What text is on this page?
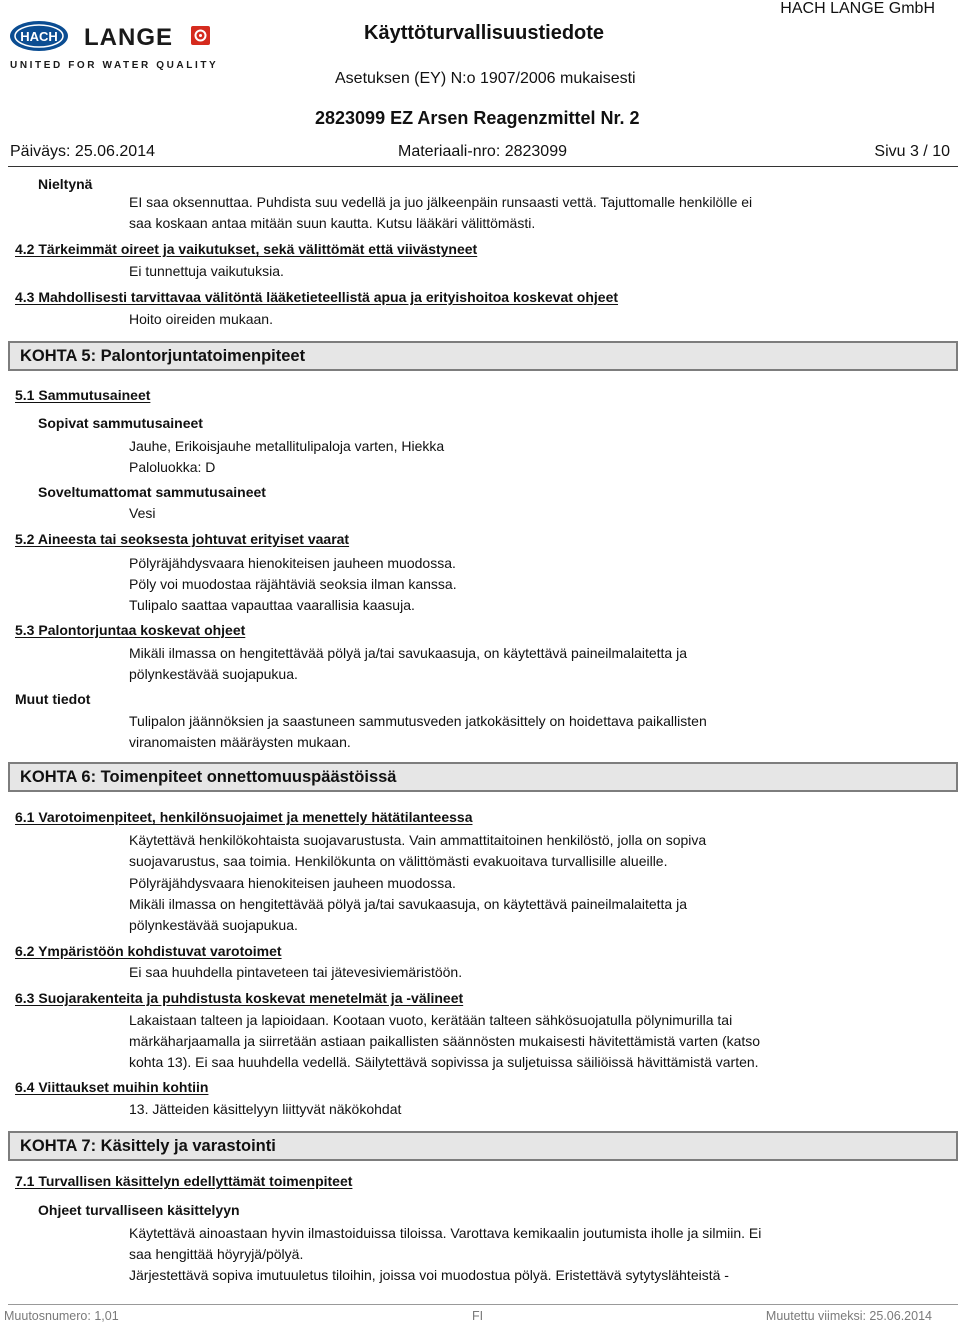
HACH LANGE
UNITED FOR WATER QUALITY
Käyttöturvallisuustiedote
HACH LANGE GmbH
Asetuksen (EY) N:o 1907/2006 mukaisesti
2823099 EZ Arsen Reagenzmittel Nr. 2
Päiväys: 25.06.2014	Materiaali-nro: 2823099	Sivu 3 / 10
Nieltynä
EI saa oksennuttaa. Puhdista suu vedellä ja juo jälkeenpäin runsaasti vettä. Tajuttomalle henkilölle ei
saa koskaan antaa mitään suun kautta. Kutsu lääkäri välittömästi.
4.2 Tärkeimmät oireet ja vaikutukset, sekä välittömät että viivästyneet
Ei tunnettuja vaikutuksia.
4.3 Mahdollisesti tarvittavaa välitöntä lääketieteellistä apua ja erityishoitoa koskevat ohjeet
Hoito oireiden mukaan.
KOHTA 5: Palontorjuntatoimenpiteet
5.1 Sammutusaineet
Sopivat sammutusaineet
Jauhe, Erikoisjauhe metallitulipaloja varten, Hiekka
Paloluokka: D
Soveltumattomat sammutusaineet
Vesi
5.2 Aineesta tai seoksesta johtuvat erityiset vaarat
Pölyräjähdysvaara hienokiteisen jauheen muodossa.
Pöly voi muodostaa räjähtäviä seoksia ilman kanssa.
Tulipalo saattaa vapauttaa vaarallisia kaasuja.
5.3 Palontorjuntaa koskevat ohjeet
Mikäli ilmassa on hengitettävää pölyä ja/tai savukaasuja, on käytettävä paineilmalaitetta ja
pölynkestävää suojapukua.
Muut tiedot
Tulipalon jäännöksien ja saastuneen sammutusveden jatkokäsittely on hoidettava paikallisten
viranomaisten määräysten mukaan.
KOHTA 6: Toimenpiteet onnettomuuspäästöissä
6.1 Varotoimenpiteet, henkilönsuojaimet ja menettely hätätilanteessa
Käytettävä henkilökohtaista suojavarustusta. Vain ammattitaitoinen henkilöstö, jolla on sopiva
suojavarustus, saa toimia. Henkilökunta on välittömästi evakuoitava turvallisille alueille.
Pölyräjähdysvaara hienokiteisen jauheen muodossa.
Mikäli ilmassa on hengitettävää pölyä ja/tai savukaasuja, on käytettävä paineilmalaitetta ja
pölynkestävää suojapukua.
6.2 Ympäristöön kohdistuvat varotoimet
Ei saa huuhdella pintaveteen tai jätevesiviemäristöön.
6.3 Suojarakenteita ja puhdistusta koskevat menetelmät ja -välineet
Lakaistaan talteen ja lapioidaan. Kootaan vuoto, kerätään talteen sähkösuojatulla pölynimurilla tai
märkäharjaamalla ja siirretään astiaan paikallisten säännösten mukaisesti hävitettämistä varten (katso
kohta 13). Ei saa huuhdella vedellä. Säilytettävä sopivissa ja suljetuissa säiliöissä hävittämistä varten.
6.4 Viittaukset muihin kohtiin
13. Jätteiden käsittelyyn liittyvät näkökohdat
KOHTA 7: Käsittely ja varastointi
7.1 Turvallisen käsittelyn edellyttämät toimenpiteet
Ohjeet turvalliseen käsittelyyn
Käytettävä ainoastaan hyvin ilmastoiduissa tiloissa. Varottava kemikaalin joutumista iholle ja silmiin. Ei
saa hengittää höyryjä/pölyä.
Järjestettävä sopiva imutuuletus tiloihin, joissa voi muodostua pölyä. Eristettävä sytytyslähteistä -
Muutosnumero: 1,01	FI	Muutettu viimeksi: 25.06.2014
